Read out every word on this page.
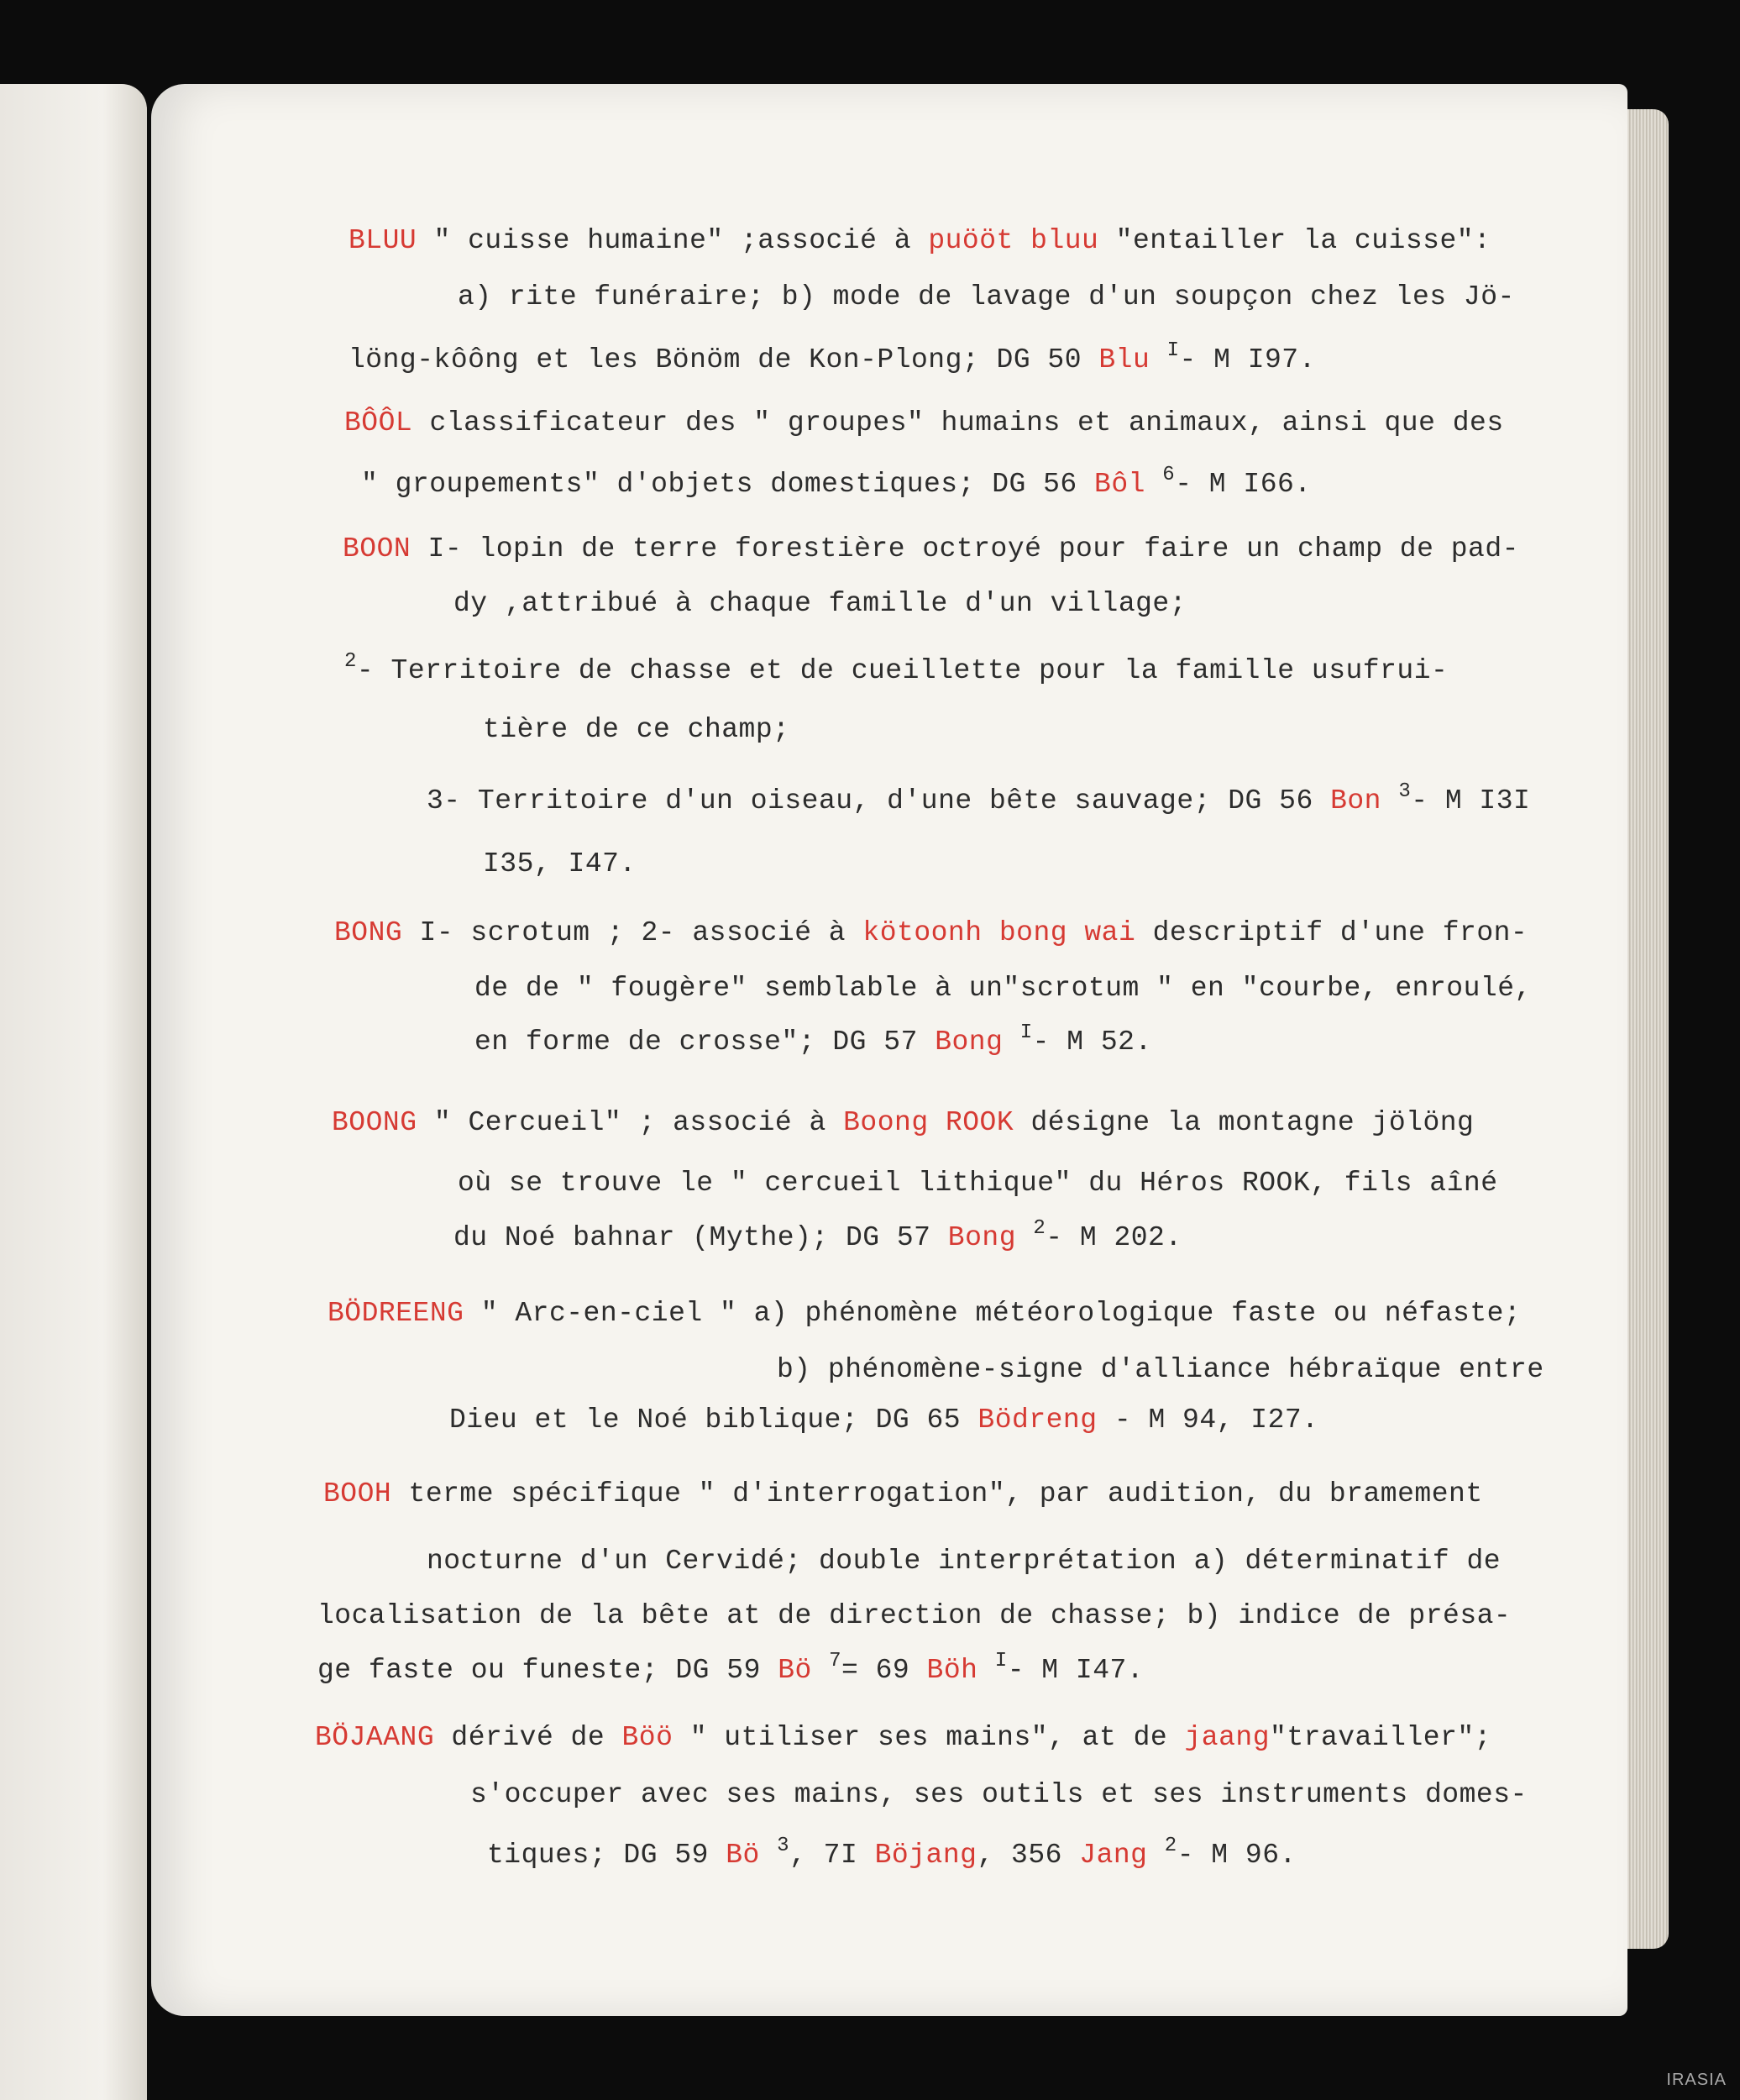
BLUU " cuisse humaine" ;associé à puööt bluu "entailler la cuisse":
a) rite funéraire; b) mode de lavage d'un soupçon chez les Jö-
löng-kôông et les Bönöm de Kon-Plong; DG 50 Blu $^I$- M I97.
BÔÔL classificateur des " groupes" humains et animaux, ainsi que des
" groupements" d'objets domestiques; DG 56 Bôl $^6$- M I66.
BOON I- lopin de terre forestière octroyé pour faire un champ de pad-
dy ,attribué à chaque famille d'un village;
$^2$- Territoire de chasse et de cueillette pour la famille usufrui-
tière de ce champ;
3- Territoire d'un oiseau, d'une bête sauvage; DG 56 Bon $^3$- M I3I
I35, I47.
BONG I- scrotum ; 2- associé à kötoonh bong wai descriptif d'une fron-
de de " fougère" semblable à un"scrotum " en "courbe, enroulé,
en forme de crosse"; DG 57 Bong $^I$- M 52.
BOONG " Cercueil" ; associé à Boong ROOK désigne la montagne jölöng
où se trouve le " cercueil lithique" du Héros ROOK, fils aîné
du Noé bahnar (Mythe); DG 57 Bong $^2$- M 202.
BÖDREENG " Arc-en-ciel " a) phénomène météorologique faste ou néfaste;
b) phénomène-signe d'alliance hébraïque entre
Dieu et le Noé biblique; DG 65 Bödreng - M 94, I27.
BOOH terme spécifique " d'interrogation", par audition, du bramement
nocturne d'un Cervidé; double interprétation a) déterminatif de
localisation de la bête at de direction de chasse; b) indice de présa-
ge faste ou funeste; DG 59 Bö $^7$= 69 Böh $^I$- M I47.
BÖJAANG dérivé de Böö " utiliser ses mains", at de jaang"travailler";
s'occuper avec ses mains, ses outils et ses instruments domes-
tiques; DG 59 Bö $^3$, 7I Böjang, 356 Jang $^2$- M 96.
IRASIA
